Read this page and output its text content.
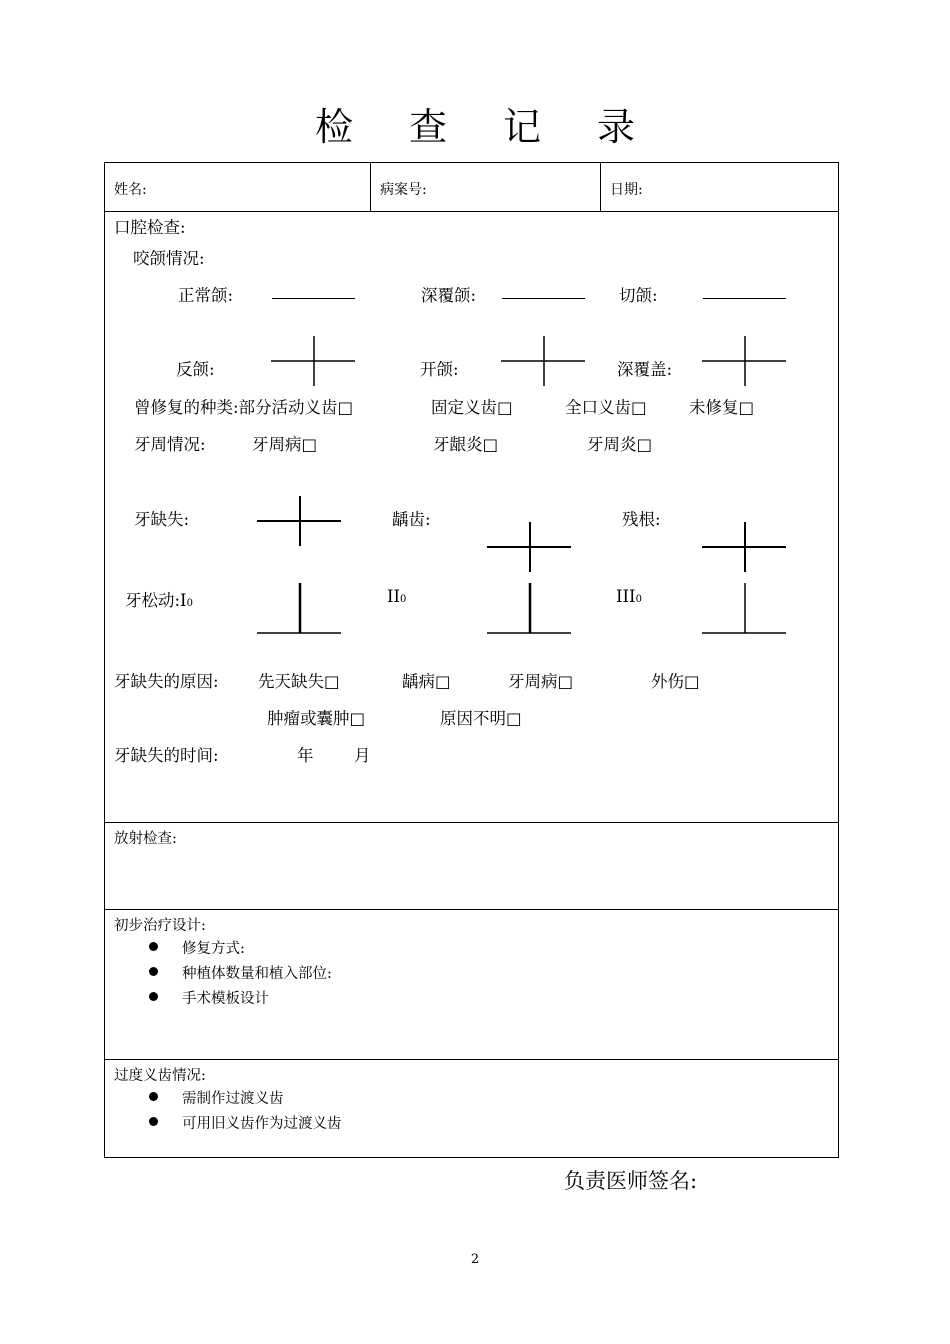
检 查 记 录
姓名:	病案号:	日期:
口腔检查:
咬颌情况:
正常颌:	深覆颌:	切颌:
反颌:	开颌:	深覆盖:
曾修复的种类:部分活动义齿□	固定义齿□	全口义齿□	未修复□
牙周情况:	牙周病□	牙龈炎□	牙周炎□
牙缺失:	龋齿:	残根:
牙松动:I0	II0	III0
牙缺失的原因: 先天缺失□	龋病□	牙周病□	外伤□
肿瘤或囊肿□	原因不明□
牙缺失的时间:	年 月
放射检查:
初步治疗设计:
修复方式:
种植体数量和植入部位:
手术模板设计
过度义齿情况:
需制作过渡义齿
可用旧义齿作为过渡义齿
负责医师签名:
2
